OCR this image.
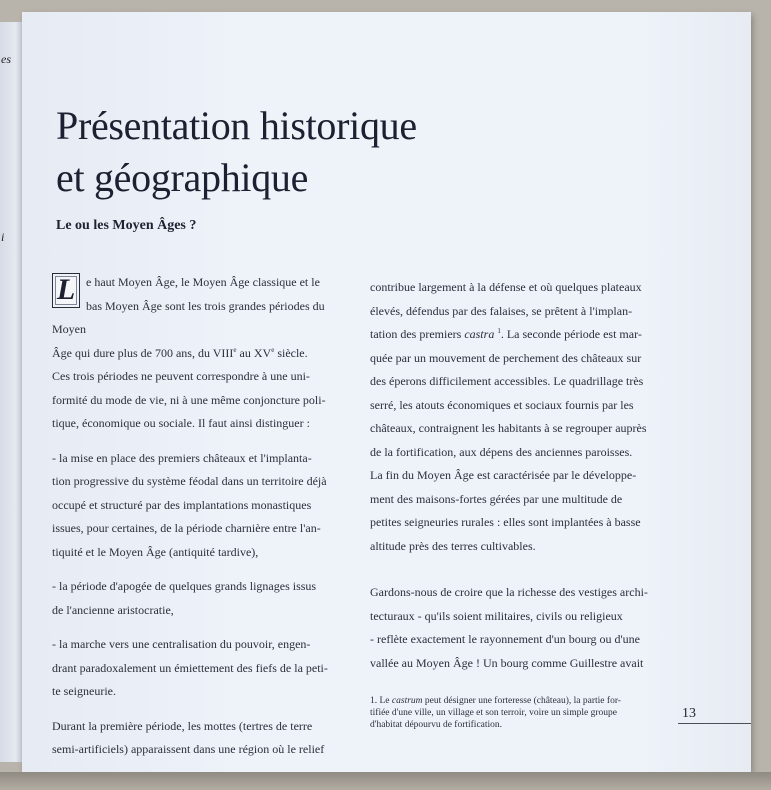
es
i
Présentation historique
et géographique
Le ou les Moyen Âges ?
L e haut Moyen Âge, le Moyen Âge classique et le

bas Moyen Âge sont les trois grandes périodes du Moyen

Âge qui dure plus de 700 ans, du VIIIe au XVe siècle.

Ces trois périodes ne peuvent correspondre à une uni-

formité du mode de vie, ni à une même conjoncture poli-

tique, économique ou sociale. Il faut ainsi distinguer :

- la mise en place des premiers châteaux et l'implanta-

tion progressive du système féodal dans un territoire déjà

occupé et structuré par des implantations monastiques

issues, pour certaines, de la période charnière entre l'an-

tiquité et le Moyen Âge (antiquité tardive),

- la période d'apogée de quelques grands lignages issus

de l'ancienne aristocratie,

- la marche vers une centralisation du pouvoir, engen-

drant paradoxalement un émiettement des fiefs de la peti-

te seigneurie.

Durant la première période, les mottes (tertres de terre

semi-artificiels) apparaissent dans une région où le relief

contribue largement à la défense et où quelques plateaux

élevés, défendus par des falaises, se prêtent à l'implan-

tation des premiers castra $^1$. La seconde période est mar-

quée par un mouvement de perchement des châteaux sur

des éperons difficilement accessibles. Le quadrillage très

serré, les atouts économiques et sociaux fournis par les

châteaux, contraignent les habitants à se regrouper auprès

de la fortification, aux dépens des anciennes paroisses.

La fin du Moyen Âge est caractérisée par le développe-

ment des maisons-fortes gérées par une multitude de

petites seigneuries rurales : elles sont implantées à basse

altitude près des terres cultivables.

Gardons-nous de croire que la richesse des vestiges archi-

tecturaux - qu'ils soient militaires, civils ou religieux

- reflète exactement le rayonnement d'un bourg ou d'une

vallée au Moyen Âge ! Un bourg comme Guillestre avait

1. Le castrum peut désigner une forteresse (château), la partie for-

tifiée d'une ville, un village et son terroir, voire un simple groupe

d'habitat dépourvu de fortification.

13
